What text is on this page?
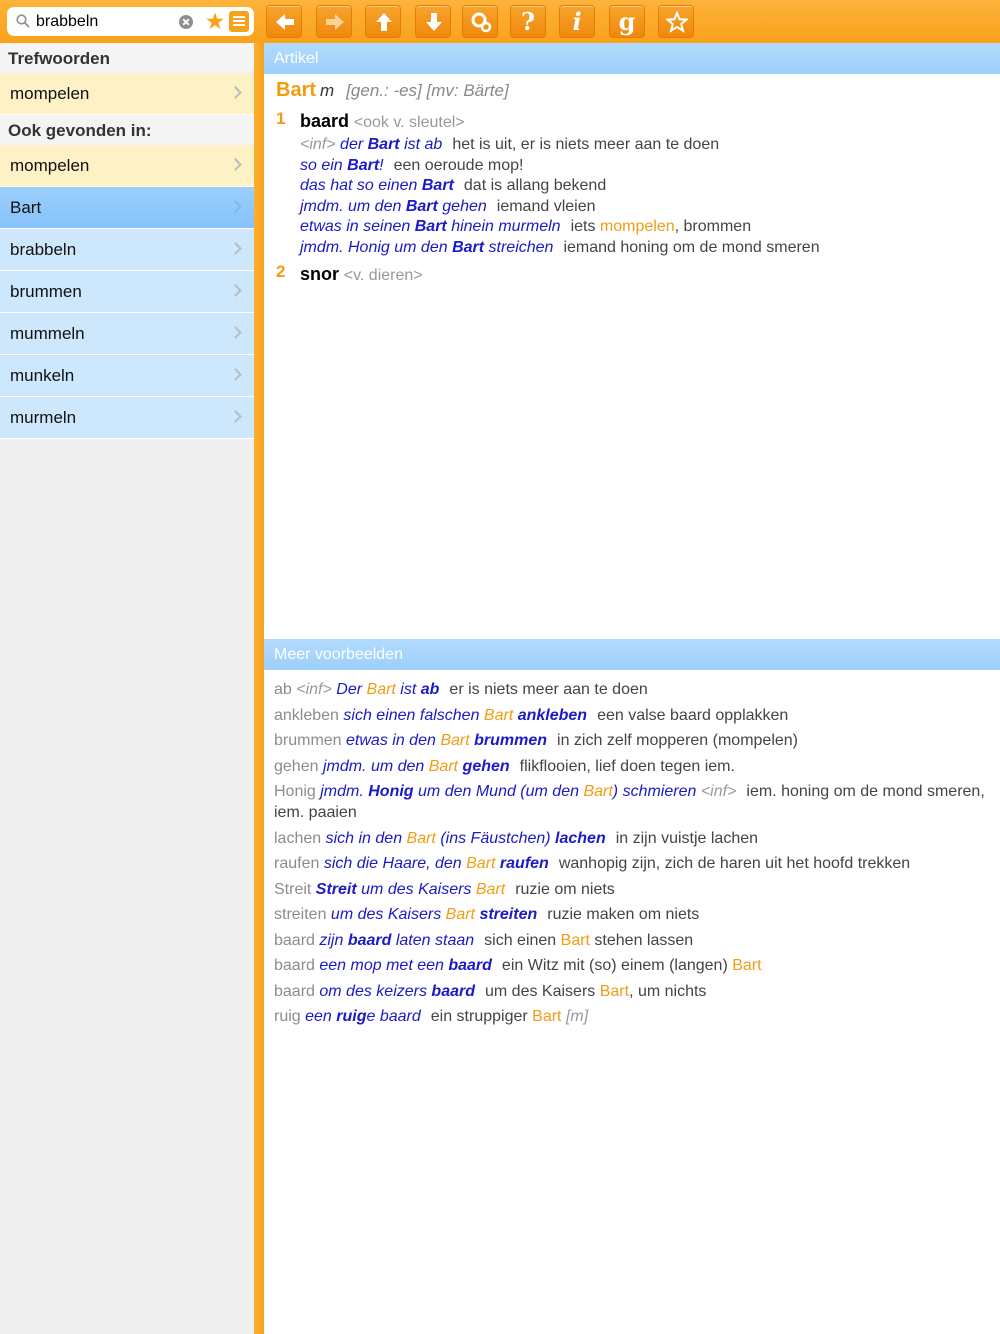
brabbeln
★	?	i	g
Trefwoorden
mompelen
Ook gevonden in:
mompelen
Bart
brabbeln
brummen
mummeln
munkeln
murmeln
Artikel
Bart m [gen.: -es] [mv: Bärte]
1 baard <ook v. sleutel>
<inf> der Bart ist ab het is uit, er is niets meer aan te doen
so ein Bart! een oeroude mop!
das hat so einen Bart dat is allang bekend
jmdm. um den Bart gehen iemand vleien
etwas in seinen Bart hinein murmeln iets mompelen, brommen
jmdm. Honig um den Bart streichen iemand honing om de mond smeren
2 snor <v. dieren>
Meer voorbeelden
ab <inf> Der Bart ist ab er is niets meer aan te doen
ankleben sich einen falschen Bart ankleben een valse baard opplakken
brummen etwas in den Bart brummen in zich zelf mopperen (mompelen)
gehen jmdm. um den Bart gehen flikflooien, lief doen tegen iem.
Honig jmdm. Honig um den Mund (um den Bart) schmieren <inf> iem. honing om de mond smeren, iem. paaien
lachen sich in den Bart (ins Fäustchen) lachen in zijn vuistje lachen
raufen sich die Haare, den Bart raufen wanhopig zijn, zich de haren uit het hoofd trekken
Streit Streit um des Kaisers Bart ruzie om niets
streiten um des Kaisers Bart streiten ruzie maken om niets
baard zijn baard laten staan sich einen Bart stehen lassen
baard een mop met een baard ein Witz mit (so) einem (langen) Bart
baard om des keizers baard um des Kaisers Bart, um nichts
ruig een ruige baard ein struppiger Bart [m]
